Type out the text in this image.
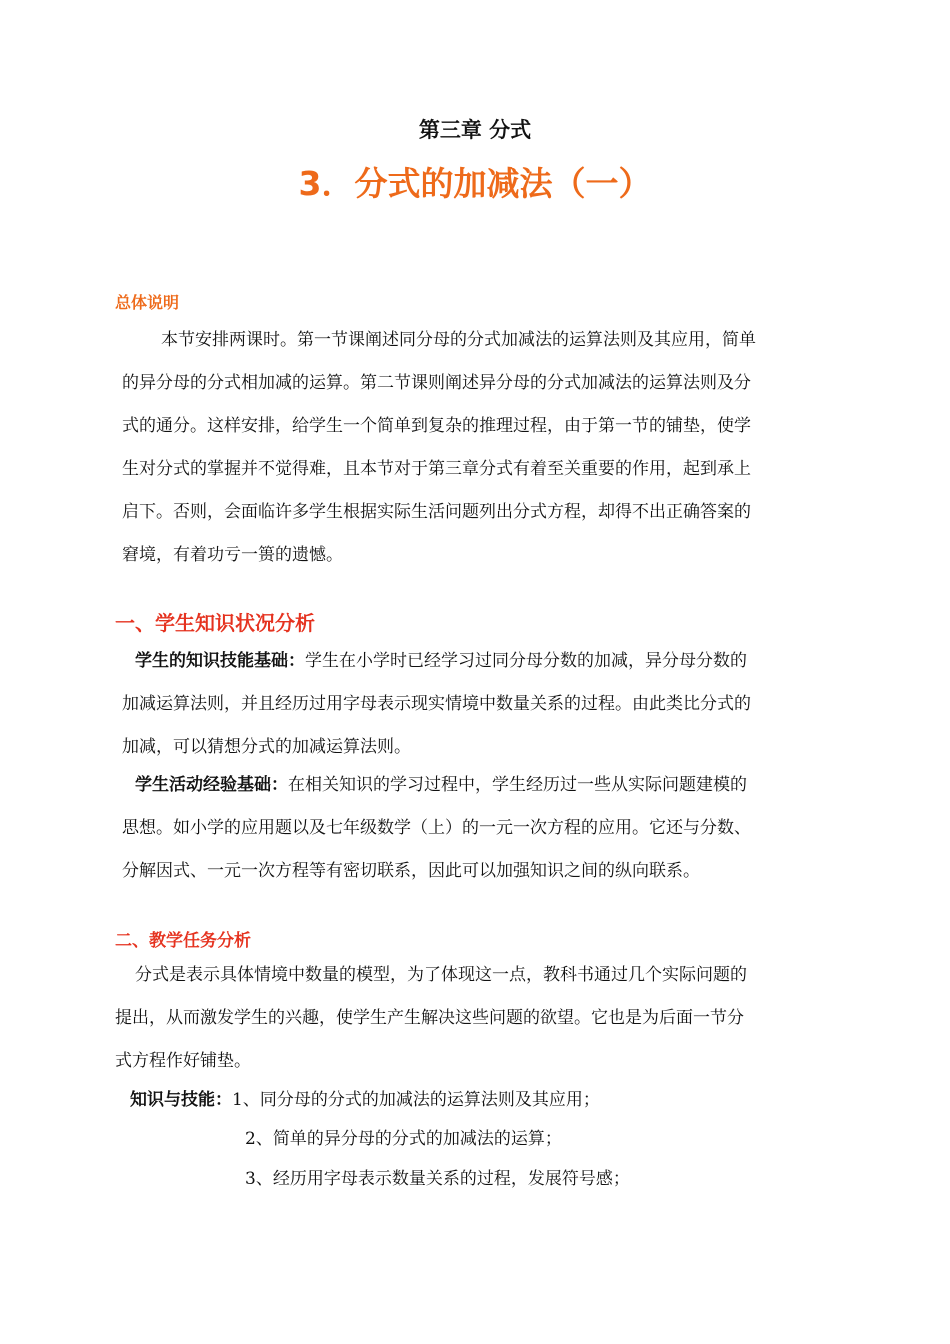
第三章 分式
3．分式的加减法（一）
总体说明
本节安排两课时。第一节课阐述同分母的分式加减法的运算法则及其应用，简单
的异分母的分式相加减的运算。第二节课则阐述异分母的分式加减法的运算法则及分
式的通分。这样安排，给学生一个简单到复杂的推理过程，由于第一节的铺垫，使学
生对分式的掌握并不觉得难，且本节对于第三章分式有着至关重要的作用，起到承上
启下。否则，会面临许多学生根据实际生活问题列出分式方程，却得不出正确答案的
窘境，有着功亏一篑的遗憾。
一、学生知识状况分析
学生的知识技能基础：学生在小学时已经学习过同分母分数的加减，异分母分数的
加减运算法则，并且经历过用字母表示现实情境中数量关系的过程。由此类比分式的
加减，可以猜想分式的加减运算法则。
学生活动经验基础：在相关知识的学习过程中，学生经历过一些从实际问题建模的
思想。如小学的应用题以及七年级数学（上）的一元一次方程的应用。它还与分数、
分解因式、一元一次方程等有密切联系，因此可以加强知识之间的纵向联系。
二、教学任务分析
分式是表示具体情境中数量的模型，为了体现这一点，教科书通过几个实际问题的
提出，从而激发学生的兴趣，使学生产生解决这些问题的欲望。它也是为后面一节分
式方程作好铺垫。
知识与技能：1、同分母的分式的加减法的运算法则及其应用；
2、简单的异分母的分式的加减法的运算；
3、经历用字母表示数量关系的过程，发展符号感；
